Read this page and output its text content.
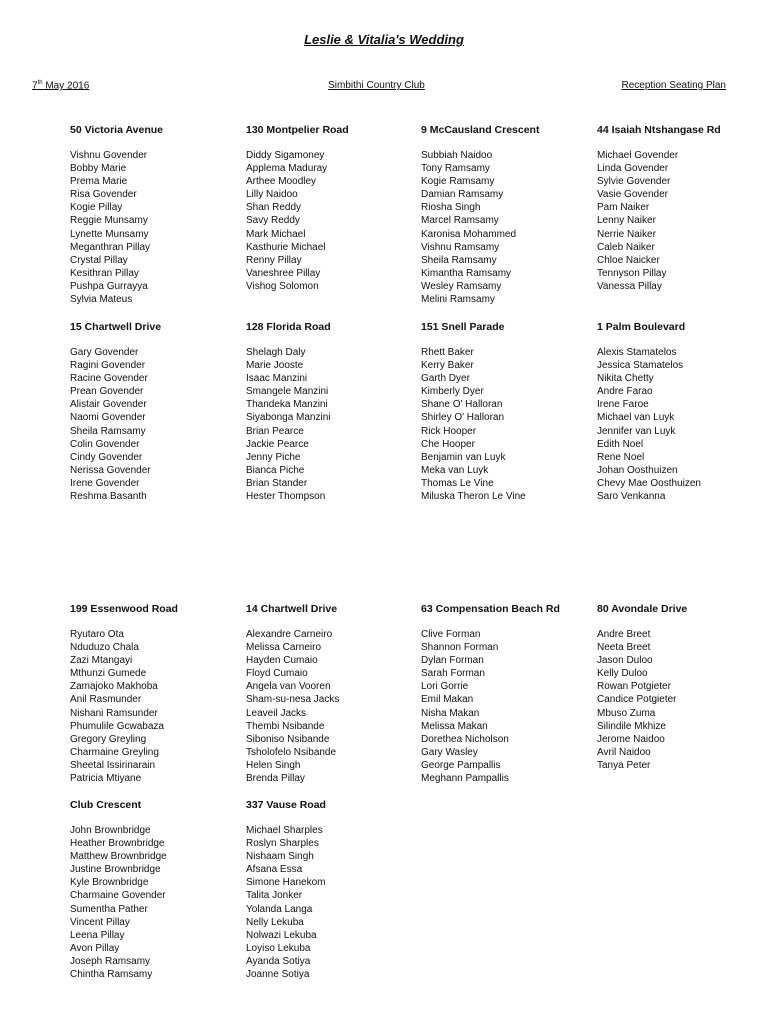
Leslie & Vitalia's Wedding
7th May 2016	Simbithi Country Club	Reception Seating Plan
50 Victoria Avenue
Vishnu Govender
Bobby Marie
Prema Marie
Risa Govender
Kogie Pillay
Reggie Munsamy
Lynette Munsamy
Meganthran Pillay
Crystal Pillay
Kesithran Pillay
Pushpa Gurrayya
Sylvia Mateus
130 Montpelier Road
Diddy Sigamoney
Applema Maduray
Arthee Moodley
Lilly Naidoo
Shan Reddy
Savy Reddy
Mark Michael
Kasthurie Michael
Renny Pillay
Vaneshree Pillay
Vishog Solomon
9 McCausland Crescent
Subbiah Naidoo
Tony Ramsamy
Kogie Ramsamy
Damian Ramsamy
Riosha Singh
Marcel Ramsamy
Karonisa Mohammed
Vishnu Ramsamy
Sheila Ramsamy
Kimantha Ramsamy
Wesley Ramsamy
Melini Ramsamy
44 Isaiah Ntshangase Rd
Michael Govender
Linda Govender
Sylvie Govender
Vasie Govender
Pam Naiker
Lenny Naiker
Nerrie Naiker
Caleb Naiker
Chloe Naicker
Tennyson Pillay
Vanessa Pillay
15 Chartwell Drive
Gary Govender
Ragini Govender
Racine Govender
Prean Govender
Alistair Govender
Naomi Govender
Sheila Ramsamy
Colin Govender
Cindy Govender
Nerissa Govender
Irene Govender
Reshma Basanth
128 Florida Road
Shelagh Daly
Marie Jooste
Isaac Manzini
Smangele Manzini
Thandeka Manzini
Siyabonga Manzini
Brian Pearce
Jackie Pearce
Jenny Piche
Bianca Piche
Brian Stander
Hester Thompson
151 Snell Parade
Rhett Baker
Kerry Baker
Garth Dyer
Kimberly Dyer
Shane O' Halloran
Shirley O' Halloran
Rick Hooper
Che Hooper
Benjamin van Luyk
Meka van Luyk
Thomas Le Vine
Miluska Theron Le Vine
1 Palm Boulevard
Alexis Stamatelos
Jessica Stamatelos
Nikita Chetty
Andre Farao
Irene Faroe
Michael van Luyk
Jennifer van Luyk
Edith Noel
Rene Noel
Johan Oosthuizen
Chevy Mae Oosthuizen
Saro Venkanna
199 Essenwood Road
Ryutaro Ota
Nduduzo Chala
Zazi Mtangayi
Mthunzi Gumede
Zamajoko Makhoba
Anil Rasmunder
Nishani Ramsunder
Phumulile Gcwabaza
Gregory Greyling
Charmaine Greyling
Sheetal Issirinarain
Patricia Mtiyane
14 Chartwell Drive
Alexandre Carneiro
Melissa Carneiro
Hayden Cumaio
Floyd Cumaio
Angela van Vooren
Sham-su-nesa Jacks
Leaveil Jacks
Thembi Nsibande
Siboniso Nsibande
Tsholofelo Nsibande
Helen Singh
Brenda Pillay
63 Compensation Beach Rd
Clive Forman
Shannon Forman
Dylan Forman
Sarah Forman
Lori Gorrie
Emil Makan
Nisha Makan
Melissa Makan
Dorethea Nicholson
Gary Wasley
George Pampallis
Meghann Pampallis
80 Avondale Drive
Andre Breet
Neeta Breet
Jason Duloo
Kelly Duloo
Rowan Potgieter
Candice Potgieter
Mbuso Zuma
Silindile Mkhize
Jerome Naidoo
Avril Naidoo
Tanya Peter
Club Crescent
John Brownbridge
Heather Brownbridge
Matthew Brownbridge
Justine Brownbridge
Kyle Brownbridge
Charmaine Govender
Sumentha Pather
Vincent Pillay
Leena Pillay
Avon Pillay
Joseph Ramsamy
Chintha Ramsamy
337 Vause Road
Michael Sharples
Roslyn Sharples
Nishaam Singh
Afsana Essa
Simone Hanekom
Talita Jonker
Yolanda Langa
Nelly Lekuba
Nolwazi Lekuba
Loyiso Lekuba
Ayanda Sotiya
Joanne Sotiya
